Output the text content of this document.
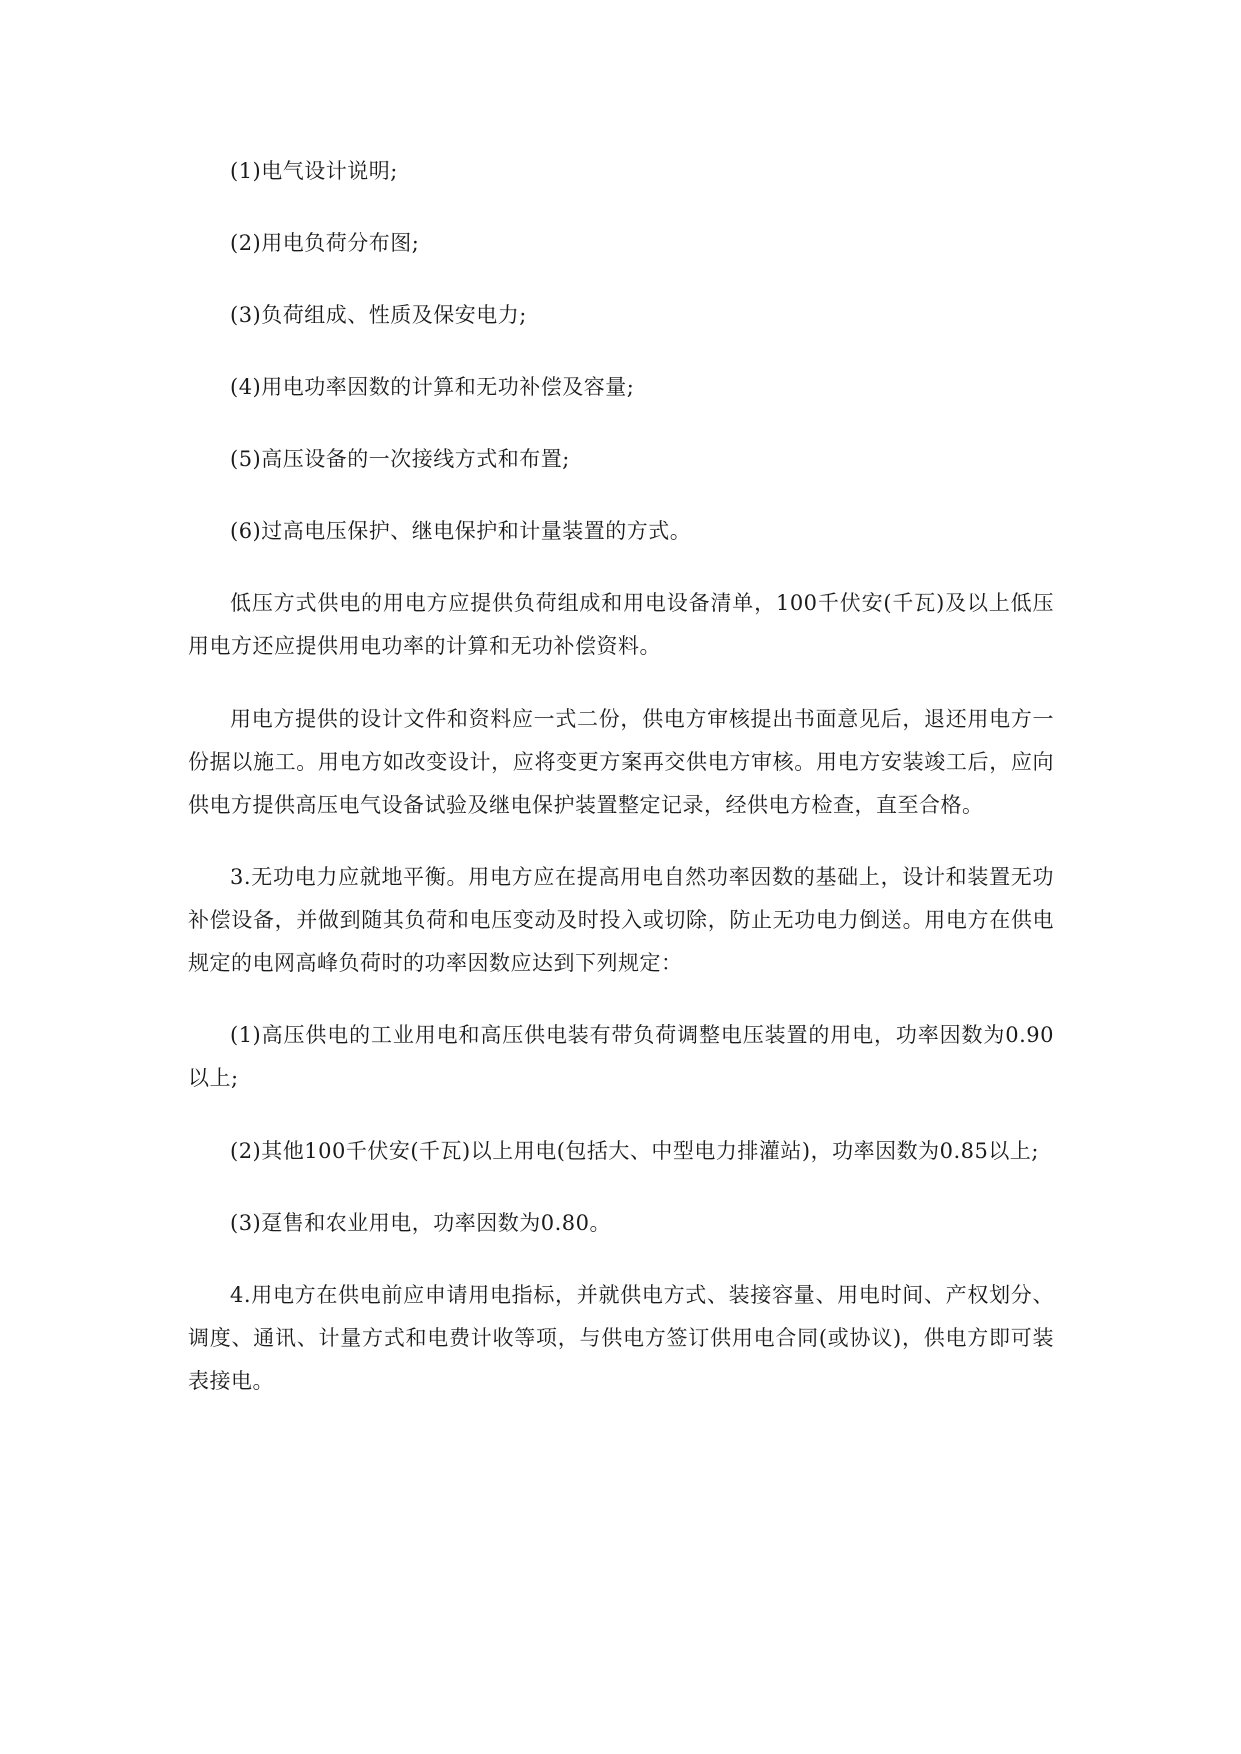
(1)电气设计说明;

(2)用电负荷分布图;

(3)负荷组成、性质及保安电力;

(4)用电功率因数的计算和无功补偿及容量;

(5)高压设备的一次接线方式和布置;

(6)过高电压保护、继电保护和计量装置的方式。

低压方式供电的用电方应提供负荷组成和用电设备清单，100千伏安(千瓦)及以上低压用电方还应提供用电功率的计算和无功补偿资料。

用电方提供的设计文件和资料应一式二份，供电方审核提出书面意见后，退还用电方一份据以施工。用电方如改变设计，应将变更方案再交供电方审核。用电方安装竣工后，应向供电方提供高压电气设备试验及继电保护装置整定记录，经供电方检查，直至合格。

3.无功电力应就地平衡。用电方应在提高用电自然功率因数的基础上，设计和装置无功补偿设备，并做到随其负荷和电压变动及时投入或切除，防止无功电力倒送。用电方在供电规定的电网高峰负荷时的功率因数应达到下列规定：

(1)高压供电的工业用电和高压供电装有带负荷调整电压装置的用电，功率因数为0.90以上;

(2)其他100千伏安(千瓦)以上用电(包括大、中型电力排灌站)，功率因数为0.85以上;

(3)趸售和农业用电，功率因数为0.80。

4.用电方在供电前应申请用电指标，并就供电方式、装接容量、用电时间、产权划分、调度、通讯、计量方式和电费计收等项，与供电方签订供用电合同(或协议)，供电方即可装表接电。
